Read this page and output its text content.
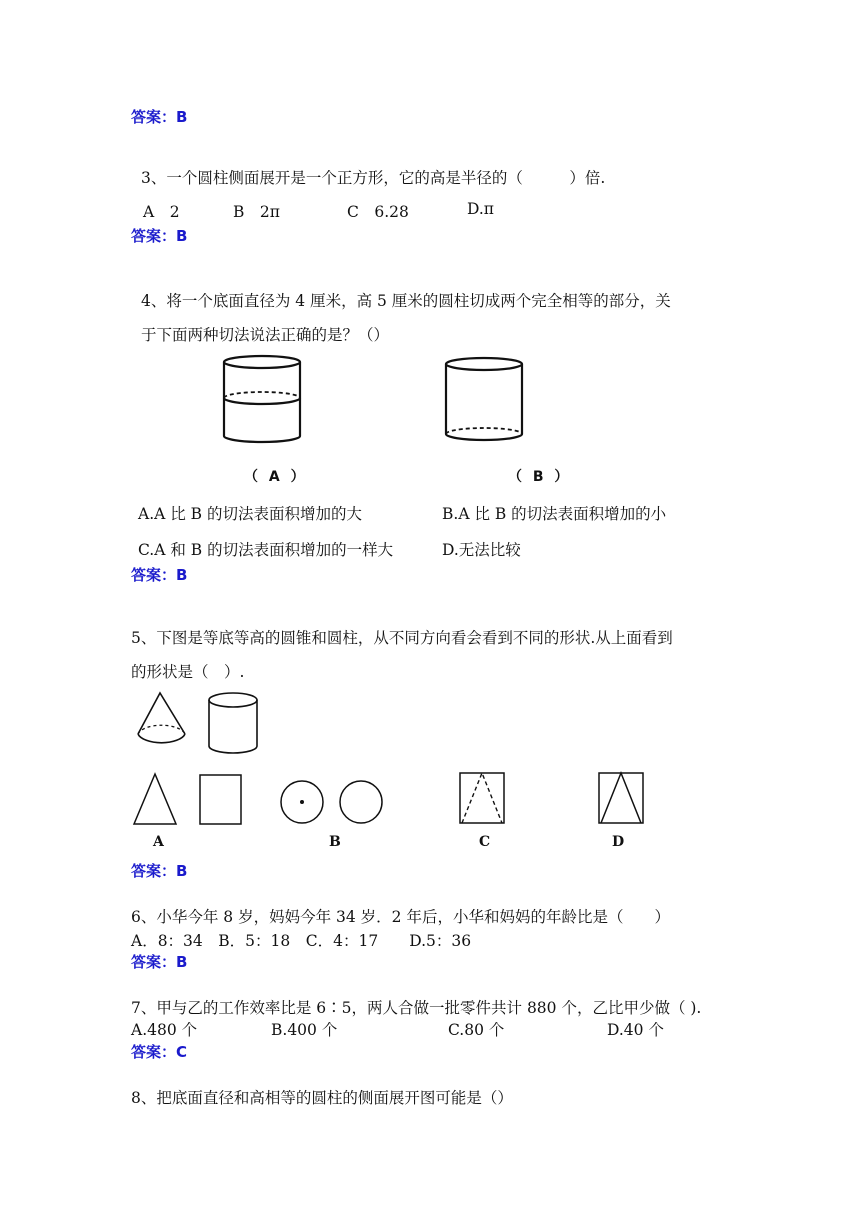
答案：B
3、一个圆柱侧面展开是一个正方形，它的高是半径的（　　　）倍.
A　2	B　2π	C　6.28	D.π
答案：B
4、将一个底面直径为 4 厘米，高 5 厘米的圆柱切成两个完全相等的部分，关
于下面两种切法说法正确的是？（）
（ A ）	（ B ）
A.A 比 B 的切法表面积增加的大	B.A 比 B 的切法表面积增加的小
C.A 和 B 的切法表面积增加的一样大	D.无法比较
答案：B
5、下图是等底等高的圆锥和圆柱，从不同方向看会看到不同的形状.从上面看到
的形状是（　）.
A	B	C	D
答案：B
6、小华今年 8 岁，妈妈今年 34 岁．2 年后，小华和妈妈的年龄比是（　　）
A．8：34　B．5：18　C．4：17　　D.5：36
答案：B
7、甲与乙的工作效率比是 6∶5，两人合做一批零件共计 880 个，乙比甲少做（ ).
A.480 个	B.400 个	C.80 个	D.40 个
答案：C
8、把底面直径和高相等的圆柱的侧面展开图可能是（）
